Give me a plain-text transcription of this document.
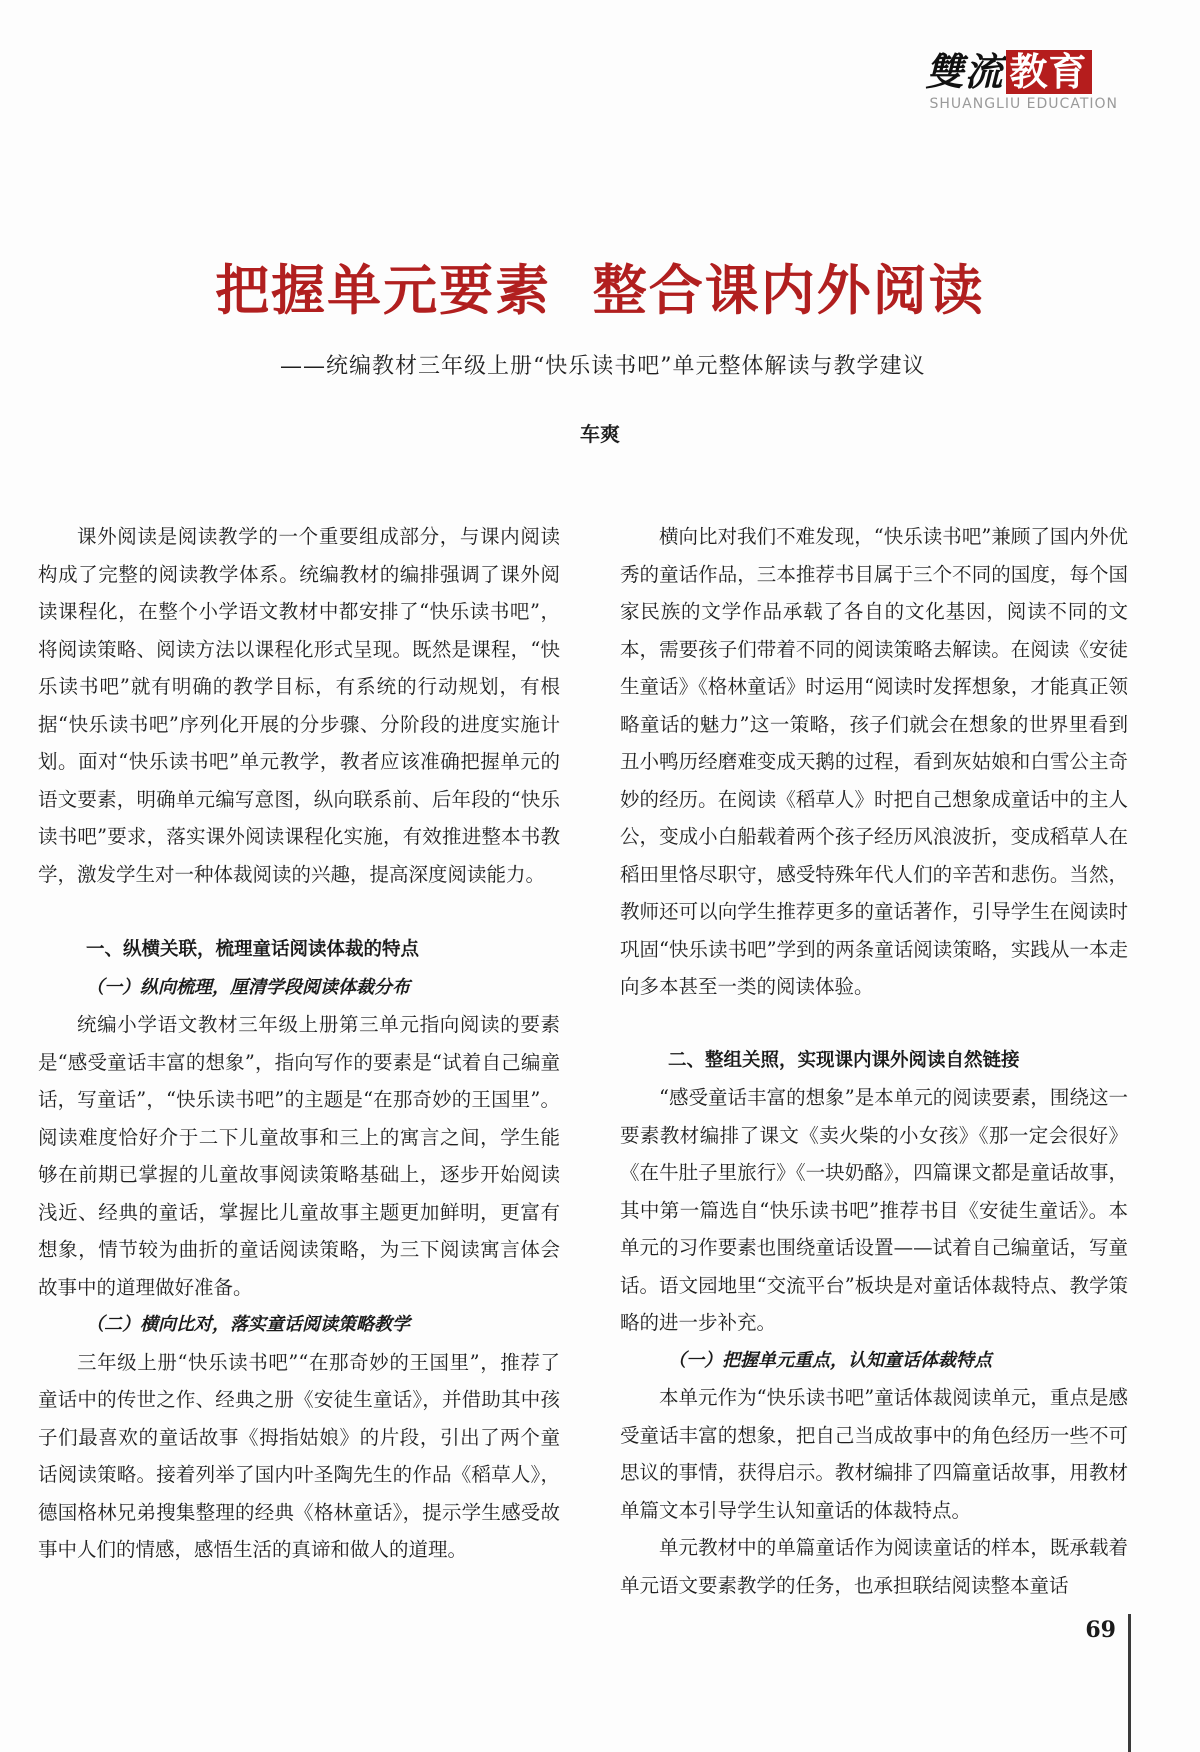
雙流 教育
SHUANGLIU EDUCATION
把握单元要素  整合课内外阅读
——统编教材三年级上册“快乐读书吧”单元整体解读与教学建议
车爽

课外阅读是阅读教学的一个重要组成部分，与课内阅读构成了完整的阅读教学体系。统编教材的编排强调了课外阅读课程化，在整个小学语文教材中都安排了“快乐读书吧”，将阅读策略、阅读方法以课程化形式呈现。既然是课程，“快乐读书吧”就有明确的教学目标，有系统的行动规划，有根据“快乐读书吧”序列化开展的分步骤、分阶段的进度实施计划。面对“快乐读书吧”单元教学，教者应该准确把握单元的语文要素，明确单元编写意图，纵向联系前、后年段的“快乐读书吧”要求，落实课外阅读课程化实施，有效推进整本书教学，激发学生对一种体裁阅读的兴趣，提高深度阅读能力。

一、纵横关联，梳理童话阅读体裁的特点
（一）纵向梳理，厘清学段阅读体裁分布

统编小学语文教材三年级上册第三单元指向阅读的要素是“感受童话丰富的想象”，指向写作的要素是“试着自己编童话，写童话”，“快乐读书吧”的主题是“在那奇妙的王国里”。阅读难度恰好介于二下儿童故事和三上的寓言之间，学生能够在前期已掌握的儿童故事阅读策略基础上，逐步开始阅读浅近、经典的童话，掌握比儿童故事主题更加鲜明，更富有想象，情节较为曲折的童话阅读策略，为三下阅读寓言体会故事中的道理做好准备。

（二）横向比对，落实童话阅读策略教学

三年级上册“快乐读书吧”“在那奇妙的王国里”，推荐了童话中的传世之作、经典之册《安徒生童话》，并借助其中孩子们最喜欢的童话故事《拇指姑娘》的片段，引出了两个童话阅读策略。接着列举了国内叶圣陶先生的作品《稻草人》，德国格林兄弟搜集整理的经典《格林童话》，提示学生感受故事中人们的情感，感悟生活的真谛和做人的道理。

横向比对我们不难发现，“快乐读书吧”兼顾了国内外优秀的童话作品，三本推荐书目属于三个不同的国度，每个国家民族的文学作品承载了各自的文化基因，阅读不同的文本，需要孩子们带着不同的阅读策略去解读。在阅读《安徒生童话》《格林童话》时运用“阅读时发挥想象，才能真正领略童话的魅力”这一策略，孩子们就会在想象的世界里看到丑小鸭历经磨难变成天鹅的过程，看到灰姑娘和白雪公主奇妙的经历。在阅读《稻草人》时把自己想象成童话中的主人公，变成小白船载着两个孩子经历风浪波折，变成稻草人在稻田里恪尽职守，感受特殊年代人们的辛苦和悲伤。当然，教师还可以向学生推荐更多的童话著作，引导学生在阅读时巩固“快乐读书吧”学到的两条童话阅读策略，实践从一本走向多本甚至一类的阅读体验。

二、整组关照，实现课内课外阅读自然链接

“感受童话丰富的想象”是本单元的阅读要素，围绕这一要素教材编排了课文《卖火柴的小女孩》《那一定会很好》《在牛肚子里旅行》《一块奶酪》，四篇课文都是童话故事，其中第一篇选自“快乐读书吧”推荐书目《安徒生童话》。本单元的习作要素也围绕童话设置——试着自己编童话，写童话。语文园地里“交流平台”板块是对童话体裁特点、教学策略的进一步补充。

（一）把握单元重点，认知童话体裁特点

本单元作为“快乐读书吧”童话体裁阅读单元，重点是感受童话丰富的想象，把自己当成故事中的角色经历一些不可思议的事情，获得启示。教材编排了四篇童话故事，用教材单篇文本引导学生认知童话的体裁特点。

单元教材中的单篇童话作为阅读童话的样本，既承载着单元语文要素教学的任务，也承担联结阅读整本童话

69
